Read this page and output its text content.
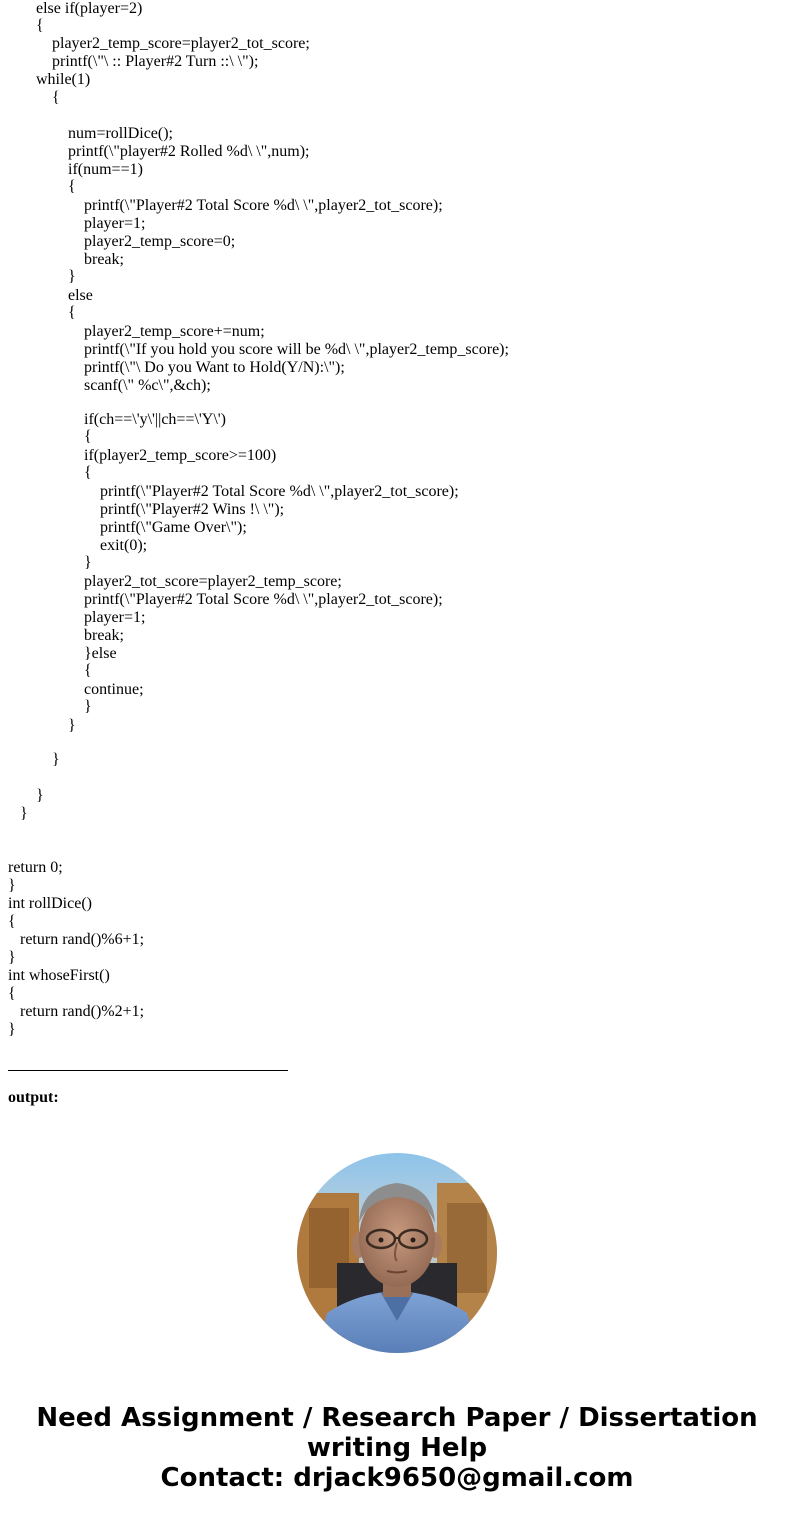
else if(player=2)
{
player2_temp_score=player2_tot_score;
printf(\"\ :: Player#2 Turn ::\ \");
while(1)
{
num=rollDice();
printf(\"player#2 Rolled %d\ \",num);
if(num==1)
{
printf(\"Player#2 Total Score %d\ \",player2_tot_score);
player=1;
player2_temp_score=0;
break;
}
else
{
player2_temp_score+=num;
printf(\"If you hold you score will be %d\ \",player2_temp_score);
printf(\"\ Do you Want to Hold(Y/N):\");
scanf(\" %c\",&ch);
if(ch==\'y\'||ch==\'Y\')
{
if(player2_temp_score>=100)
{
printf(\"Player#2 Total Score %d\ \",player2_tot_score);
printf(\"Player#2 Wins !\ \");
printf(\"Game Over\");
exit(0);
}
player2_tot_score=player2_temp_score;
printf(\"Player#2 Total Score %d\ \",player2_tot_score);
player=1;
break;
}else
{
continue;
}
}
}
}
}
return 0;
}
int rollDice()
{
return rand()%6+1;
}
int whoseFirst()
{
return rand()%2+1;
}
output:
Need Assignment / Research Paper / Dissertation
writing Help
Contact: drjack9650@gmail.com
